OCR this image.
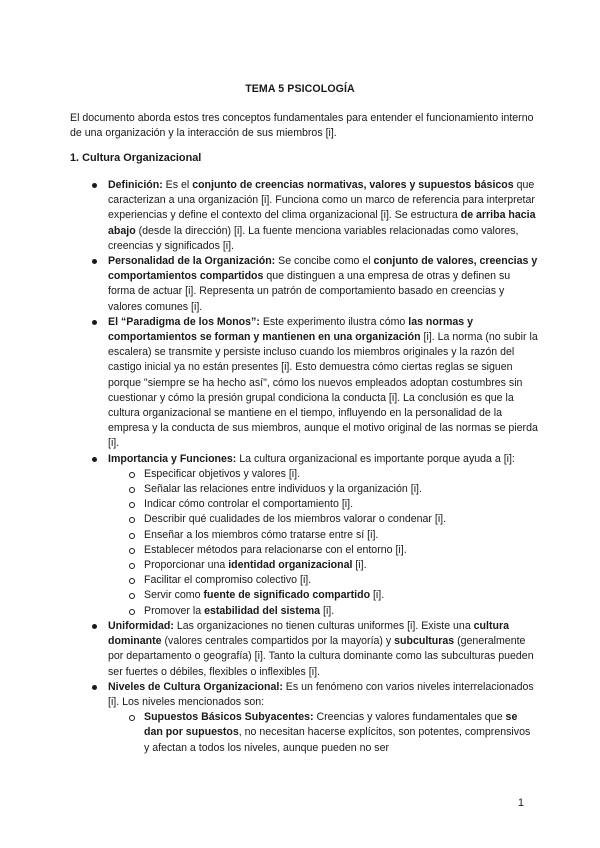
TEMA 5 PSICOLOGÍA
El documento aborda estos tres conceptos fundamentales para entender el funcionamiento interno de una organización y la interacción de sus miembros [i].
1. Cultura Organizacional
Definición: Es el conjunto de creencias normativas, valores y supuestos básicos que caracterizan a una organización [i]. Funciona como un marco de referencia para interpretar experiencias y define el contexto del clima organizacional [i]. Se estructura de arriba hacia abajo (desde la dirección) [i]. La fuente menciona variables relacionadas como valores, creencias y significados [i].
Personalidad de la Organización: Se concibe como el conjunto de valores, creencias y comportamientos compartidos que distinguen a una empresa de otras y definen su forma de actuar [i]. Representa un patrón de comportamiento basado en creencias y valores comunes [i].
El “Paradigma de los Monos”: Este experimento ilustra cómo las normas y comportamientos se forman y mantienen en una organización [i]. La norma (no subir la escalera) se transmite y persiste incluso cuando los miembros originales y la razón del castigo inicial ya no están presentes [i]. Esto demuestra cómo ciertas reglas se siguen porque "siempre se ha hecho así", cómo los nuevos empleados adoptan costumbres sin cuestionar y cómo la presión grupal condiciona la conducta [i]. La conclusión es que la cultura organizacional se mantiene en el tiempo, influyendo en la personalidad de la empresa y la conducta de sus miembros, aunque el motivo original de las normas se pierda [i].
Importancia y Funciones: La cultura organizacional es importante porque ayuda a [i]:
Especificar objetivos y valores [i].
Señalar las relaciones entre individuos y la organización [i].
Indicar cómo controlar el comportamiento [i].
Describir qué cualidades de los miembros valorar o condenar [i].
Enseñar a los miembros cómo tratarse entre sí [i].
Establecer métodos para relacionarse con el entorno [i].
Proporcionar una identidad organizacional [i].
Facilitar el compromiso colectivo [i].
Servir como fuente de significado compartido [i].
Promover la estabilidad del sistema [i].
Uniformidad: Las organizaciones no tienen culturas uniformes [i]. Existe una cultura dominante (valores centrales compartidos por la mayoría) y subculturas (generalmente por departamento o geografía) [i]. Tanto la cultura dominante como las subculturas pueden ser fuertes o débiles, flexibles o inflexibles [i].
Niveles de Cultura Organizacional: Es un fenómeno con varios niveles interrelacionados [i]. Los niveles mencionados son:
Supuestos Básicos Subyacentes: Creencias y valores fundamentales que se dan por supuestos, no necesitan hacerse explícitos, son potentes, comprensivos y afectan a todos los niveles, aunque pueden no ser
1
